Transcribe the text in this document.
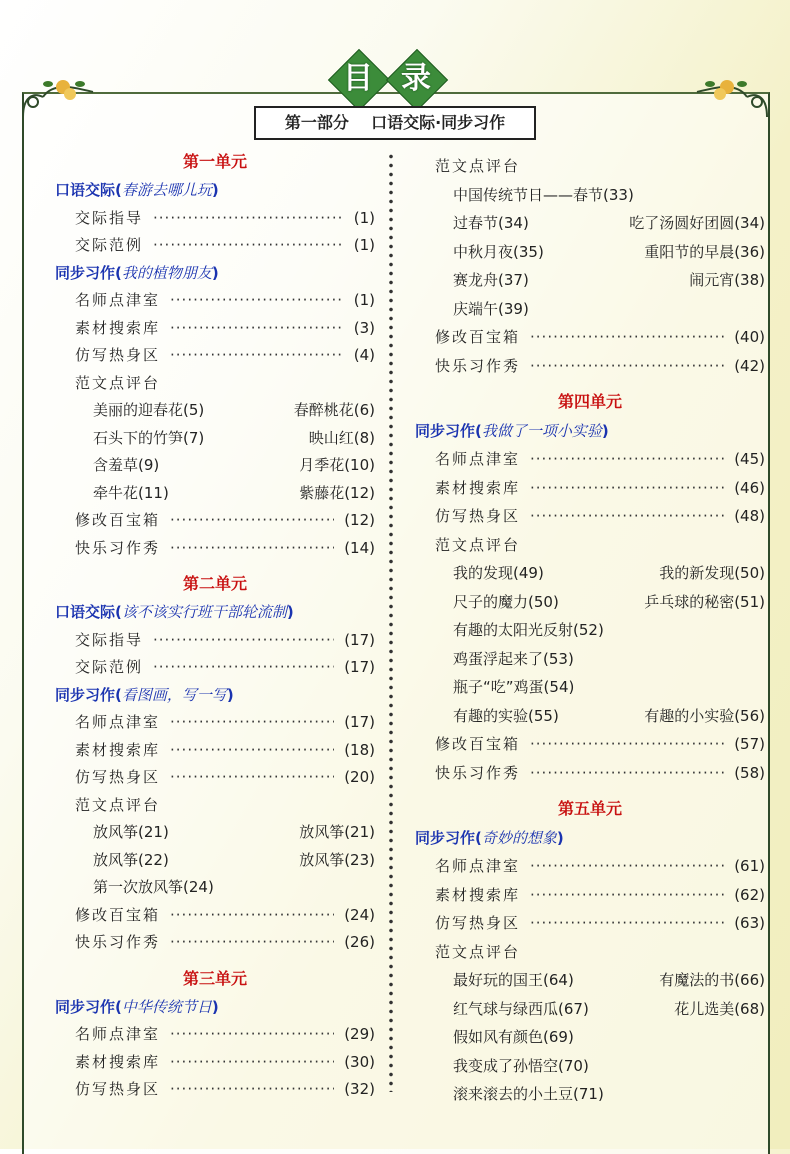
目 录
第一部分    口语交际·同步习作
第一单元
口语交际(春游去哪儿玩)
交际指导 ·····	(1)
交际范例 ·····	(1)
同步习作(我的植物朋友)
名师点津室 ·····	(1)
素材搜索库 ·····	(3)
仿写热身区 ·····	(4)
范文点评台
美丽的迎春花(5)	春醉桃花(6)
石头下的竹笋(7)	映山红(8)
含羞草(9)	月季花(10)
牵牛花(11)	紫藤花(12)
修改百宝箱 ·····	(12)
快乐习作秀 ·····	(14)
第二单元
口语交际(该不该实行班干部轮流制)
交际指导 ·····	(17)
交际范例 ·····	(17)
同步习作(看图画，写一写)
名师点津室 ·····	(17)
素材搜索库 ·····	(18)
仿写热身区 ·····	(20)
范文点评台
放风筝(21)	放风筝(21)
放风筝(22)	放风筝(23)
第一次放风筝(24)
修改百宝箱 ·····	(24)
快乐习作秀 ·····	(26)
第三单元
同步习作(中华传统节日)
名师点津室 ·····	(29)
素材搜索库 ·····	(30)
仿写热身区 ·····	(32)
范文点评台
中国传统节日——春节(33)
过春节(34)	吃了汤圆好团圆(34)
中秋月夜(35)	重阳节的早晨(36)
赛龙舟(37)	闹元宵(38)
庆端午(39)
修改百宝箱 ·····	(40)
快乐习作秀 ·····	(42)
第四单元
同步习作(我做了一项小实验)
名师点津室 ·····	(45)
素材搜索库 ·····	(46)
仿写热身区 ·····	(48)
范文点评台
我的发现(49)	我的新发现(50)
尺子的魔力(50)	乒乓球的秘密(51)
有趣的太阳光反射(52)
鸡蛋浮起来了(53)
瓶子“吃”鸡蛋(54)
有趣的实验(55)	有趣的小实验(56)
修改百宝箱 ·····	(57)
快乐习作秀 ·····	(58)
第五单元
同步习作(奇妙的想象)
名师点津室 ·····	(61)
素材搜索库 ·····	(62)
仿写热身区 ·····	(63)
范文点评台
最好玩的国王(64)	有魔法的书(66)
红气球与绿西瓜(67)	花儿选美(68)
假如风有颜色(69)
我变成了孙悟空(70)
滚来滚去的小土豆(71)
